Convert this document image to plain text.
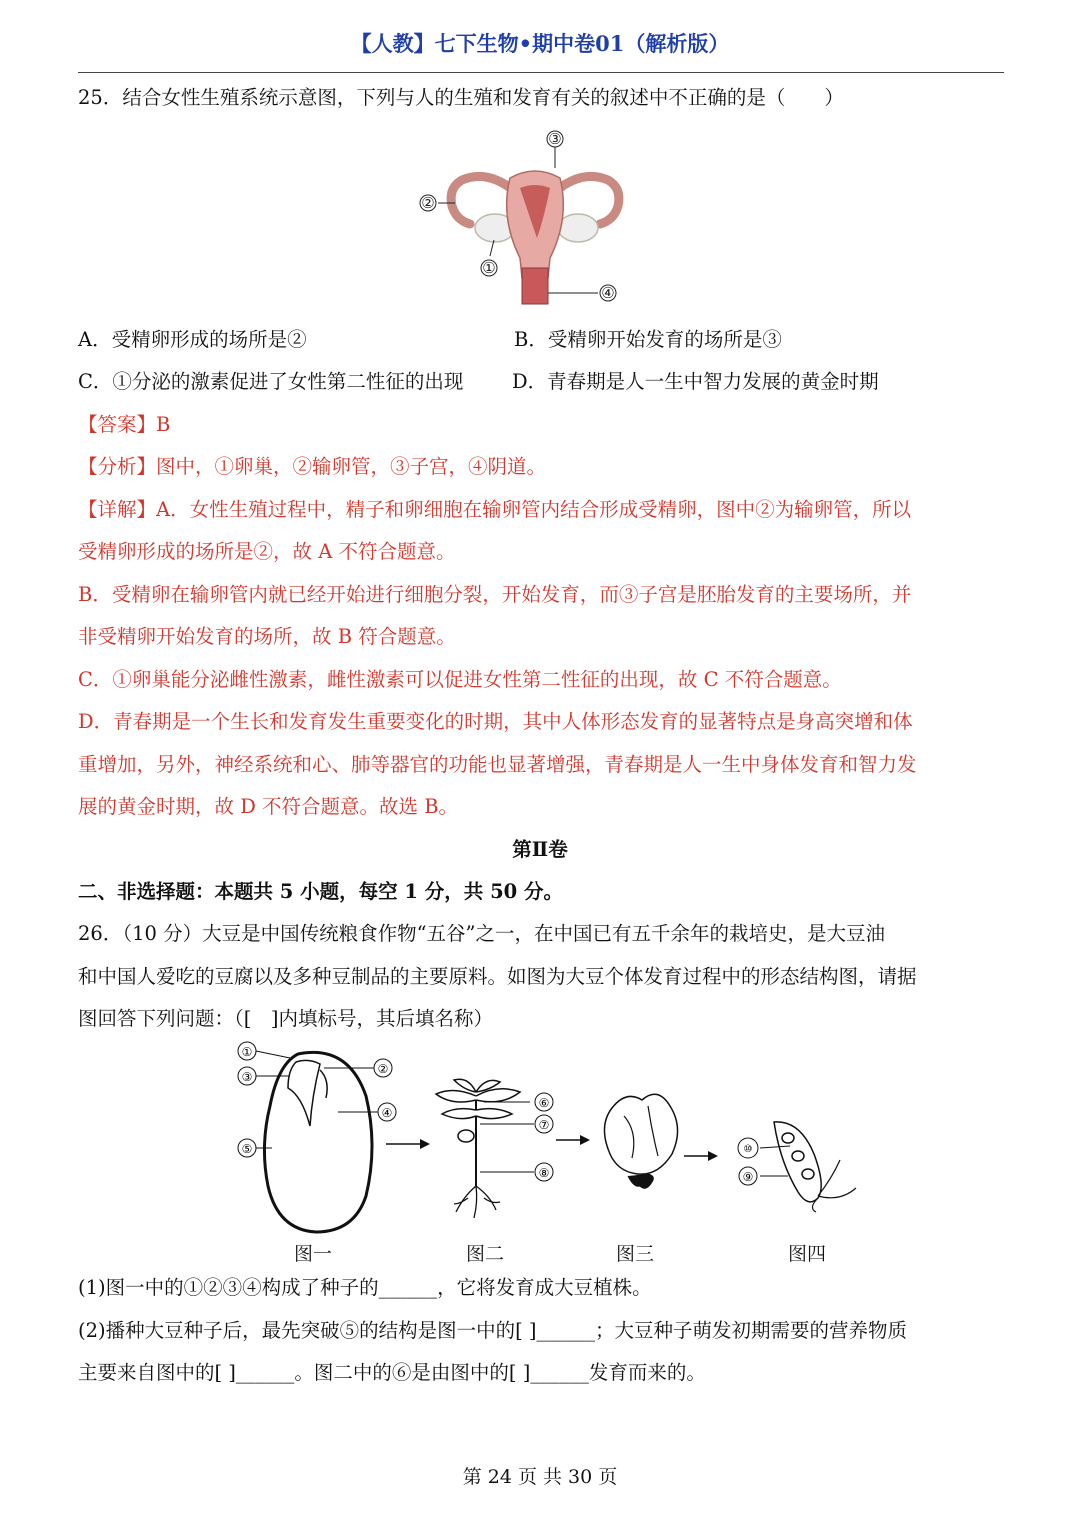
【人教】七下生物•期中卷01（解析版）
25．结合女性生殖系统示意图，下列与人的生殖和发育有关的叙述中不正确的是（　　）
③
②
①
④
A．受精卵形成的场所是②	B．受精卵开始发育的场所是③
C．①分泌的激素促进了女性第二性征的出现 D．青春期是人一生中智力发展的黄金时期
【答案】B
【分析】图中，①卵巢，②输卵管，③子宫，④阴道。
【详解】A．女性生殖过程中，精子和卵细胞在输卵管内结合形成受精卵，图中②为输卵管，所以
受精卵形成的场所是②，故 A 不符合题意。
B．受精卵在输卵管内就已经开始进行细胞分裂，开始发育，而③子宫是胚胎发育的主要场所，并
非受精卵开始发育的场所，故 B 符合题意。
C．①卵巢能分泌雌性激素，雌性激素可以促进女性第二性征的出现，故 C 不符合题意。
D．青春期是一个生长和发育发生重要变化的时期，其中人体形态发育的显著特点是身高突增和体
重增加，另外，神经系统和心、肺等器官的功能也显著增强，青春期是人一生中身体发育和智力发
展的黄金时期，故 D 不符合题意。故选 B。
第Ⅱ卷
二、非选择题：本题共 5 小题，每空 1 分，共 50 分。
26．（10 分）大豆是中国传统粮食作物“五谷”之一，在中国已有五千余年的栽培史，是大豆油
和中国人爱吃的豆腐以及多种豆制品的主要原料。如图为大豆个体发育过程中的形态结构图，请据
图回答下列问题：（[　]内填标号，其后填名称）
①
③
②
④
⑤
⑥
⑦
⑧
⑩
⑨
图一	图二	图三	图四
(1)图一中的①②③④构成了种子的______，它将发育成大豆植株。
(2)播种大豆种子后，最先突破⑤的结构是图一中的[ ]______；大豆种子萌发初期需要的营养物质
主要来自图中的[ ]______。图二中的⑥是由图中的[ ]______发育而来的。
第 24 页 共 30 页
